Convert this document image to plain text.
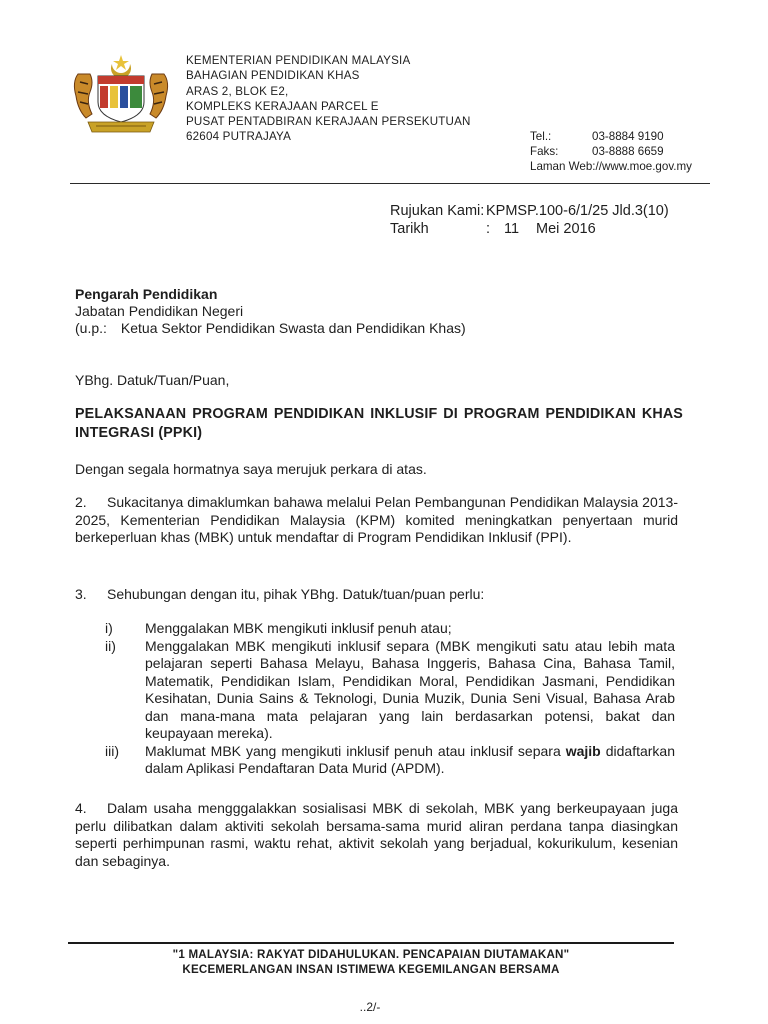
KEMENTERIAN PENDIDIKAN MALAYSIA
BAHAGIAN PENDIDIKAN KHAS
ARAS 2, BLOK E2,
KOMPLEKS KERAJAAN PARCEL E
PUSAT PENTADBIRAN KERAJAAN PERSEKUTUAN
62604 PUTRAJAYA	Tel.:	03-8884 9190
Faks:	03-8888 6659
Laman Web://www.moe.gov.my
Rujukan Kami: KPMSP.100-6/1/25 Jld.3(10)
Tarikh	: 11	Mei 2016
Pengarah Pendidikan
Jabatan Pendidikan Negeri
(u.p.: Ketua Sektor Pendidikan Swasta dan Pendidikan Khas)
YBhg. Datuk/Tuan/Puan,
PELAKSANAAN PROGRAM PENDIDIKAN INKLUSIF DI PROGRAM PENDIDIKAN KHAS INTEGRASI (PPKI)
Dengan segala hormatnya saya merujuk perkara di atas.
2. Sukacitanya dimaklumkan bahawa melalui Pelan Pembangunan Pendidikan Malaysia 2013-2025, Kementerian Pendidikan Malaysia (KPM) komited meningkatkan penyertaan murid berkeperluan khas (MBK) untuk mendaftar di Program Pendidikan Inklusif (PPI).
3. Sehubungan dengan itu, pihak YBhg. Datuk/tuan/puan perlu:
i)	Menggalakan MBK mengikuti inklusif penuh atau;
ii)	Menggalakan MBK mengikuti inklusif separa (MBK mengikuti satu atau lebih mata pelajaran seperti Bahasa Melayu, Bahasa Inggeris, Bahasa Cina, Bahasa Tamil, Matematik, Pendidikan Islam, Pendidikan Moral, Pendidikan Jasmani, Pendidikan Kesihatan, Dunia Sains & Teknologi, Dunia Muzik, Dunia Seni Visual, Bahasa Arab dan mana-mana mata pelajaran yang lain berdasarkan potensi, bakat dan keupayaan mereka).
iii)	Maklumat MBK yang mengikuti inklusif penuh atau inklusif separa wajib didaftarkan dalam Aplikasi Pendaftaran Data Murid (APDM).
4. Dalam usaha mengggalakkan sosialisasi MBK di sekolah, MBK yang berkeupayaan juga perlu dilibatkan dalam aktiviti sekolah bersama-sama murid aliran perdana tanpa diasingkan seperti perhimpunan rasmi, waktu rehat, aktivit sekolah yang berjadual, kokurikulum, kesenian dan sebaginya.
"1 MALAYSIA: RAKYAT DIDAHULUKAN. PENCAPAIAN DIUTAMAKAN"
KECEMERLANGAN INSAN ISTIMEWA KEGEMILANGAN BERSAMA
..2/-
